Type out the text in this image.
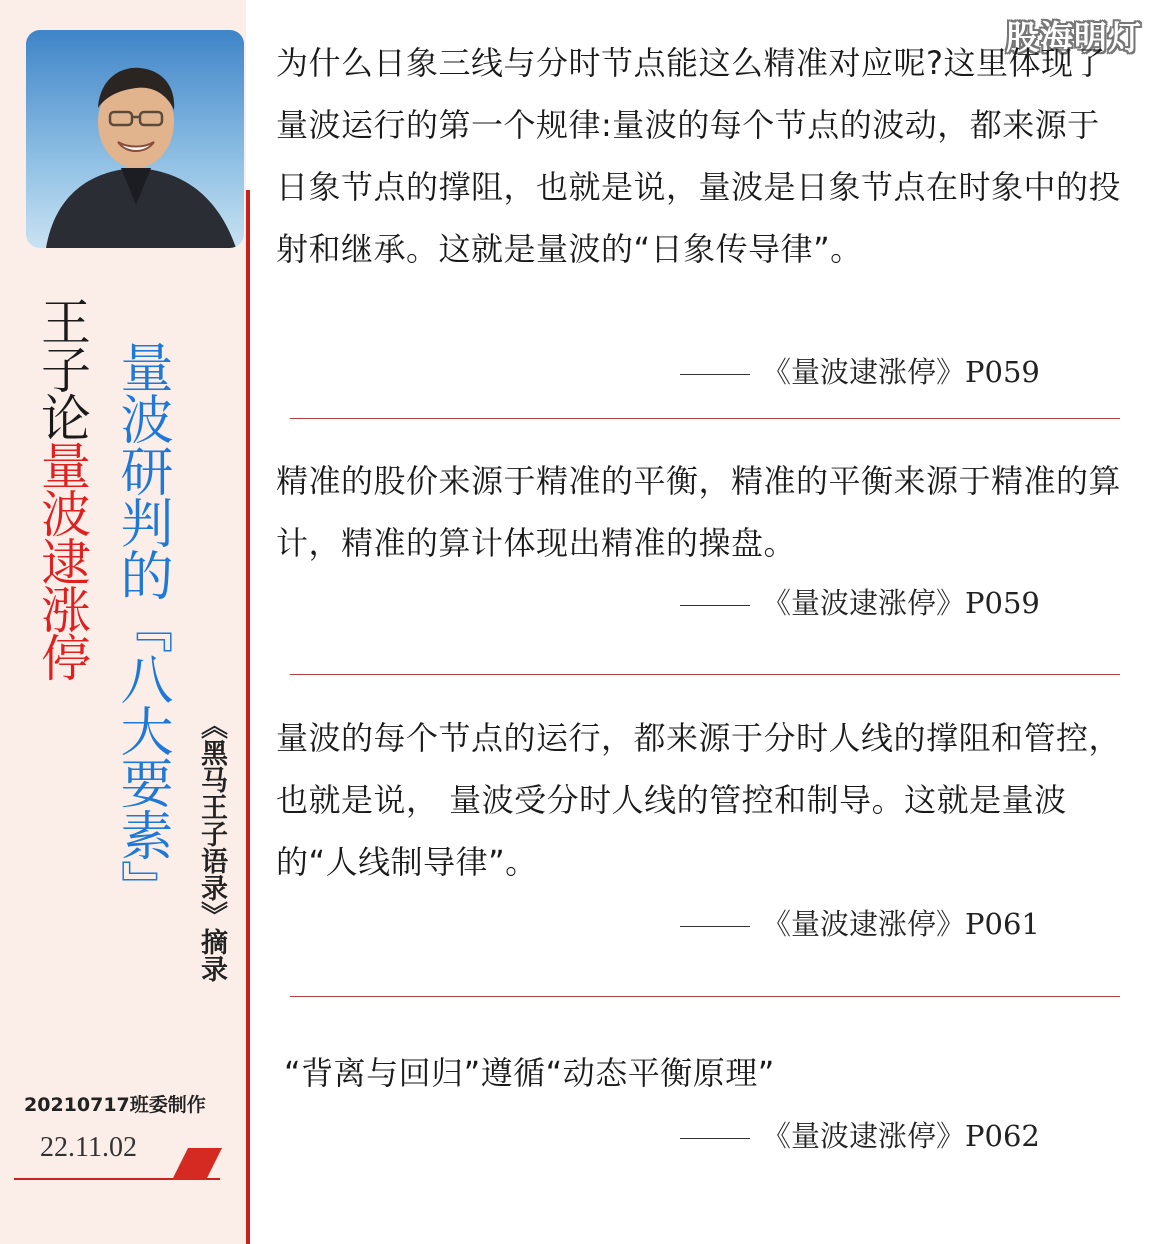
王子论量波逮涨停 量波研判的『八大要素』 《黑马王子语录》摘录
20210717班委制作
22.11.02
股海明灯

为什么日象三线与分时节点能这么精准对应呢?这里体现了量波运行的第一个规律:量波的每个节点的波动，都来源于日象节点的撑阻，也就是说，量波是日象节点在时象中的投射和继承。这就是量波的“日象传导律”。

《量波逮涨停》P059

精准的股价来源于精准的平衡，精准的平衡来源于精准的算计，精准的算计体现出精准的操盘。

《量波逮涨停》P059

量波的每个节点的运行，都来源于分时人线的撑阻和管控，也就是说， 量波受分时人线的管控和制导。这就是量波的“人线制导律”。

《量波逮涨停》P061

“背离与回归”遵循“动态平衡原理”

《量波逮涨停》P062
